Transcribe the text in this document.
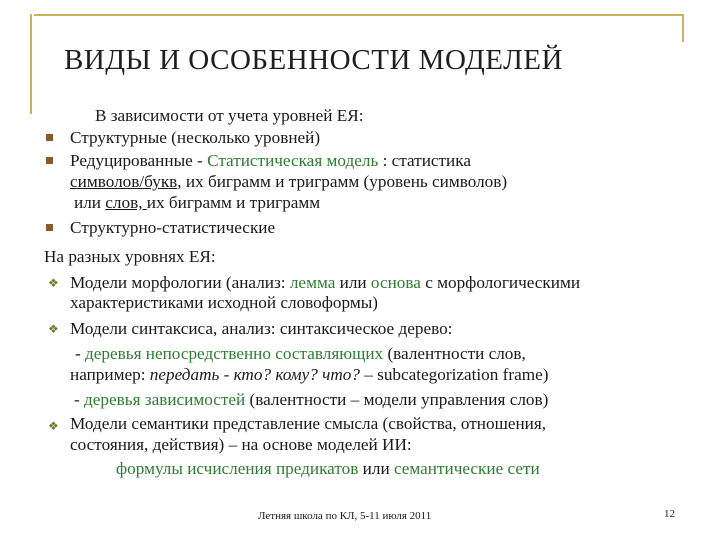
ВИДЫ И ОСОБЕННОСТИ МОДЕЛЕЙ
В зависимости от учета уровней ЕЯ:
Структурные (несколько уровней)
Редуцированные - Статистическая модель : статистика
символов/букв, их биграмм и триграмм (уровень символов)
или слов, их биграмм и триграмм
Структурно-статистические
На разных уровнях ЕЯ:
❖ Модели морфологии (анализ: лемма или основа с морфологическими
характеристиками исходной словоформы)
❖ Модели синтаксиса, анализ: синтаксическое дерево:
- деревья непосредственно составляющих (валентности слов,
например: передать - кто? кому? что? – subcategorization frame)
- деревья зависимостей (валентности – модели управления слов)
❖ Модели семантики представление смысла (свойства, отношения,
состояния, действия) – на основе моделей ИИ:
формулы исчисления предикатов или семантические сети
Летняя школа по КЛ, 5-11 июля 2011	12
